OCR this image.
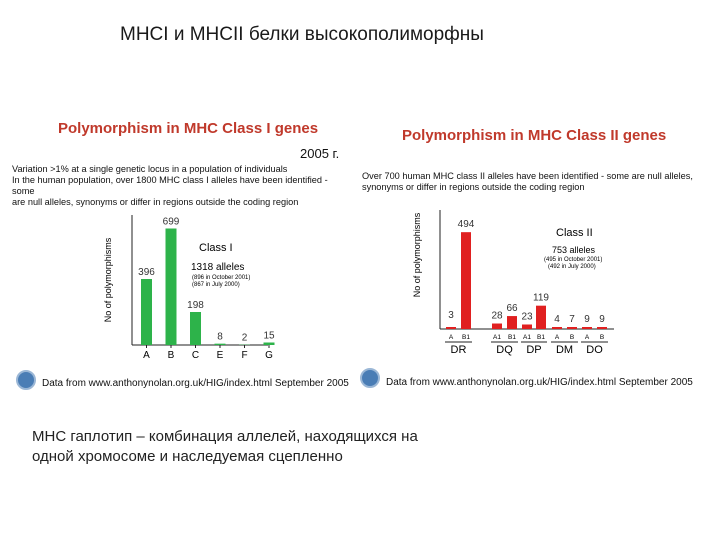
MHCI и MHCII белки высокополиморфны
Polymorphism in MHC Class I genes
2005 г.
Variation >1% at a single genetic locus in a population of individuals
In the human population, over 1800 MHC class I alleles have been identified - some
are null alleles, synonyms or differ in regions outside the coding region
Polymorphism in MHC Class II genes
Over 700 human MHC class II alleles have been identified - some are null alleles,
synonyms or differ in regions outside the coding region
No of polymorphisms	396
A
699
B
198
C
8
E
2
F
15
G
Class I
1318 alleles
(896 in October 2001)
(867 in July 2000)	No of polymorphisms
3
A
494
B1
28
A1
66
B1
23
A1
119
B1
4
A
7
B
9
A
9
B
DR	DQ DP DM DO
Class II
753 alleles
(495 in October 2001)
(492 in July 2000)
Data from www.anthonynolan.org.uk/HIG/index.html September 2005	Data from www.anthonynolan.org.uk/HIG/index.html September 2005
MHC гаплотип – комбинация аллелей, находящихся на
одной хромосоме и наследуемая сцепленно
